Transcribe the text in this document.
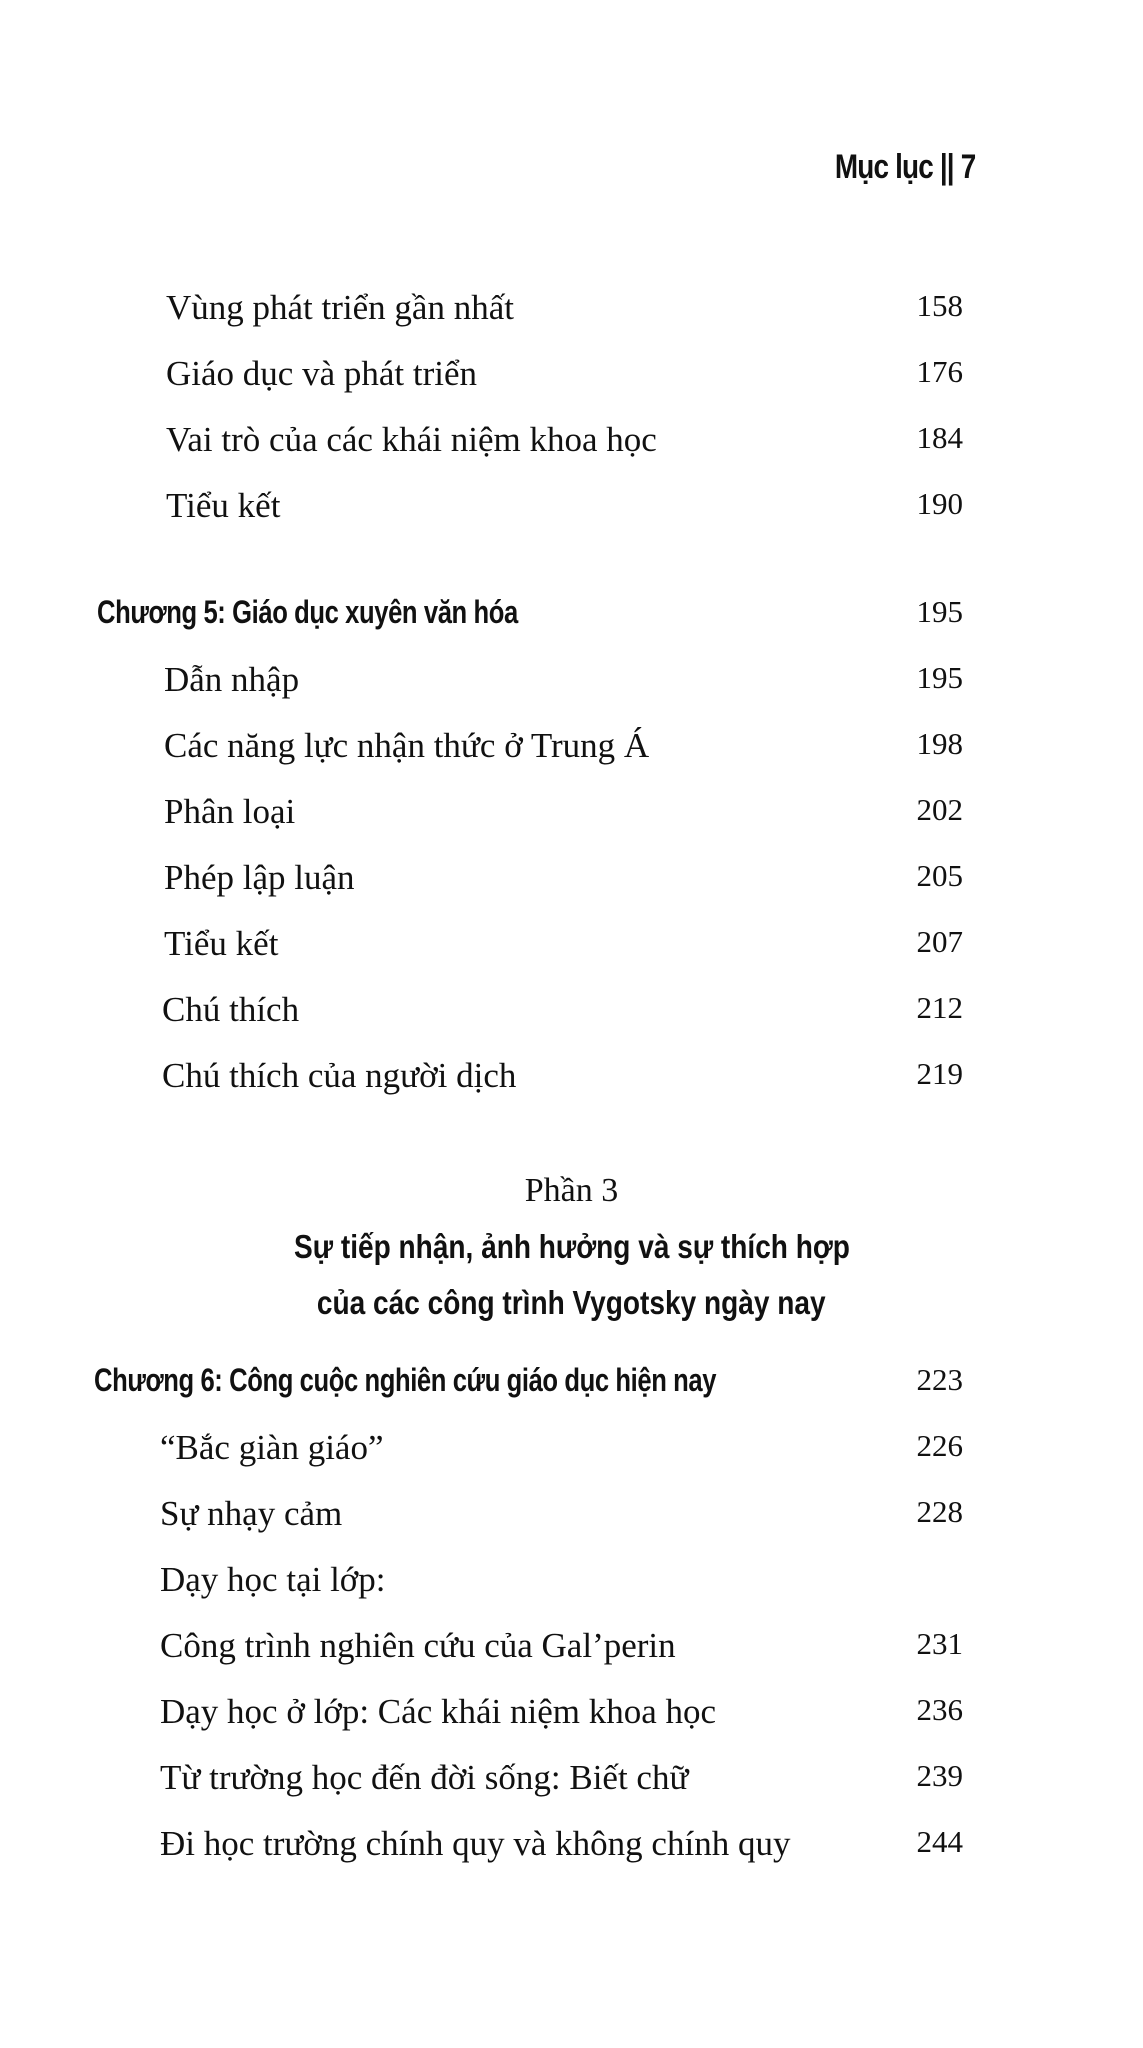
Mục lục || 7
Vùng phát triển gần nhất	158
Giáo dục và phát triển	176
Vai trò của các khái niệm khoa học	184
Tiểu kết	190
Chương 5: Giáo dục xuyên văn hóa	195
Dẫn nhập	195
Các năng lực nhận thức ở Trung Á	198
Phân loại	202
Phép lập luận	205
Tiểu kết	207
Chú thích	212
Chú thích của người dịch	219
Phần 3
Sự tiếp nhận, ảnh hưởng và sự thích hợp
của các công trình Vygotsky ngày nay
Chương 6: Công cuộc nghiên cứu giáo dục hiện nay	223
“Bắc giàn giáo”	226
Sự nhạy cảm	228
Dạy học tại lớp:
Công trình nghiên cứu của Gal’perin	231
Dạy học ở lớp: Các khái niệm khoa học	236
Từ trường học đến đời sống: Biết chữ	239
Đi học trường chính quy và không chính quy	244
